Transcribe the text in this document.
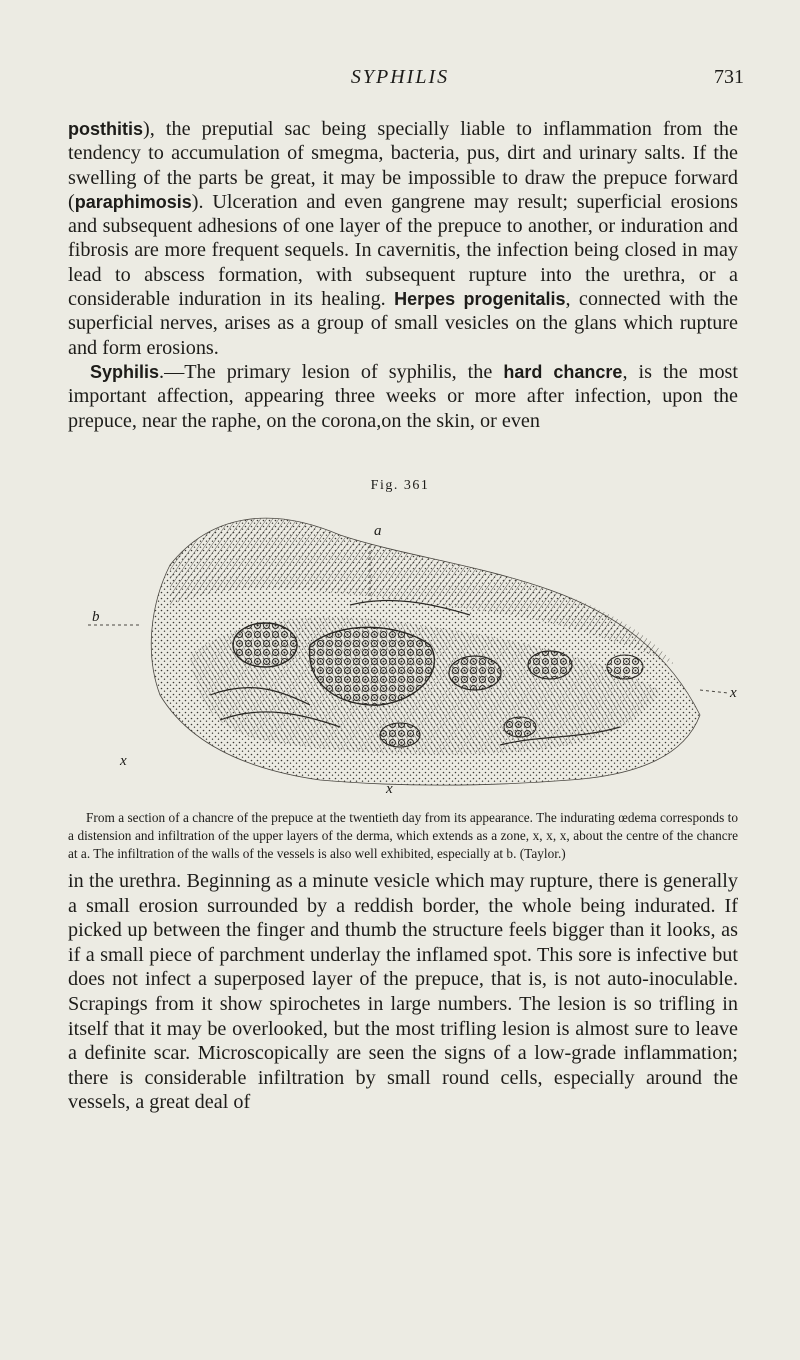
SYPHILIS	731

posthitis), the preputial sac being specially liable to inflammation from the tendency to accumulation of smegma, bacteria, pus, dirt and urinary salts. If the swelling of the parts be great, it may be impossible to draw the prepuce forward (paraphimosis). Ulceration and even gangrene may result; superficial erosions and subsequent adhesions of one layer of the prepuce to another, or induration and fibrosis are more frequent sequels. In cavernitis, the infection being closed in may lead to abscess formation, with subsequent rupture into the urethra, or a considerable induration in its healing. Herpes progenitalis, connected with the superficial nerves, arises as a group of small vesicles on the glans which rupture and form erosions.

Syphilis.—The primary lesion of syphilis, the hard chancre, is the most important affection, appearing three weeks or more after infection, upon the prepuce, near the raphe, on the corona,on the skin, or even

Fig. 361
b
a
x
x
x
From a section of a chancre of the prepuce at the twentieth day from its appearance. The indurating œdema corresponds to a distension and infiltration of the upper layers of the derma, which extends as a zone, x, x, x, about the centre of the chancre at a. The infiltration of the walls of the vessels is also well exhibited, especially at b. (Taylor.)

in the urethra. Beginning as a minute vesicle which may rupture, there is generally a small erosion surrounded by a reddish border, the whole being indurated. If picked up between the finger and thumb the structure feels bigger than it looks, as if a small piece of parchment underlay the inflamed spot. This sore is infective but does not infect a superposed layer of the prepuce, that is, is not auto-inoculable. Scrapings from it show spirochetes in large numbers. The lesion is so trifling in itself that it may be overlooked, but the most trifling lesion is almost sure to leave a definite scar. Microscopically are seen the signs of a low-grade inflammation; there is considerable infiltration by small round cells, especially around the vessels, a great deal of
